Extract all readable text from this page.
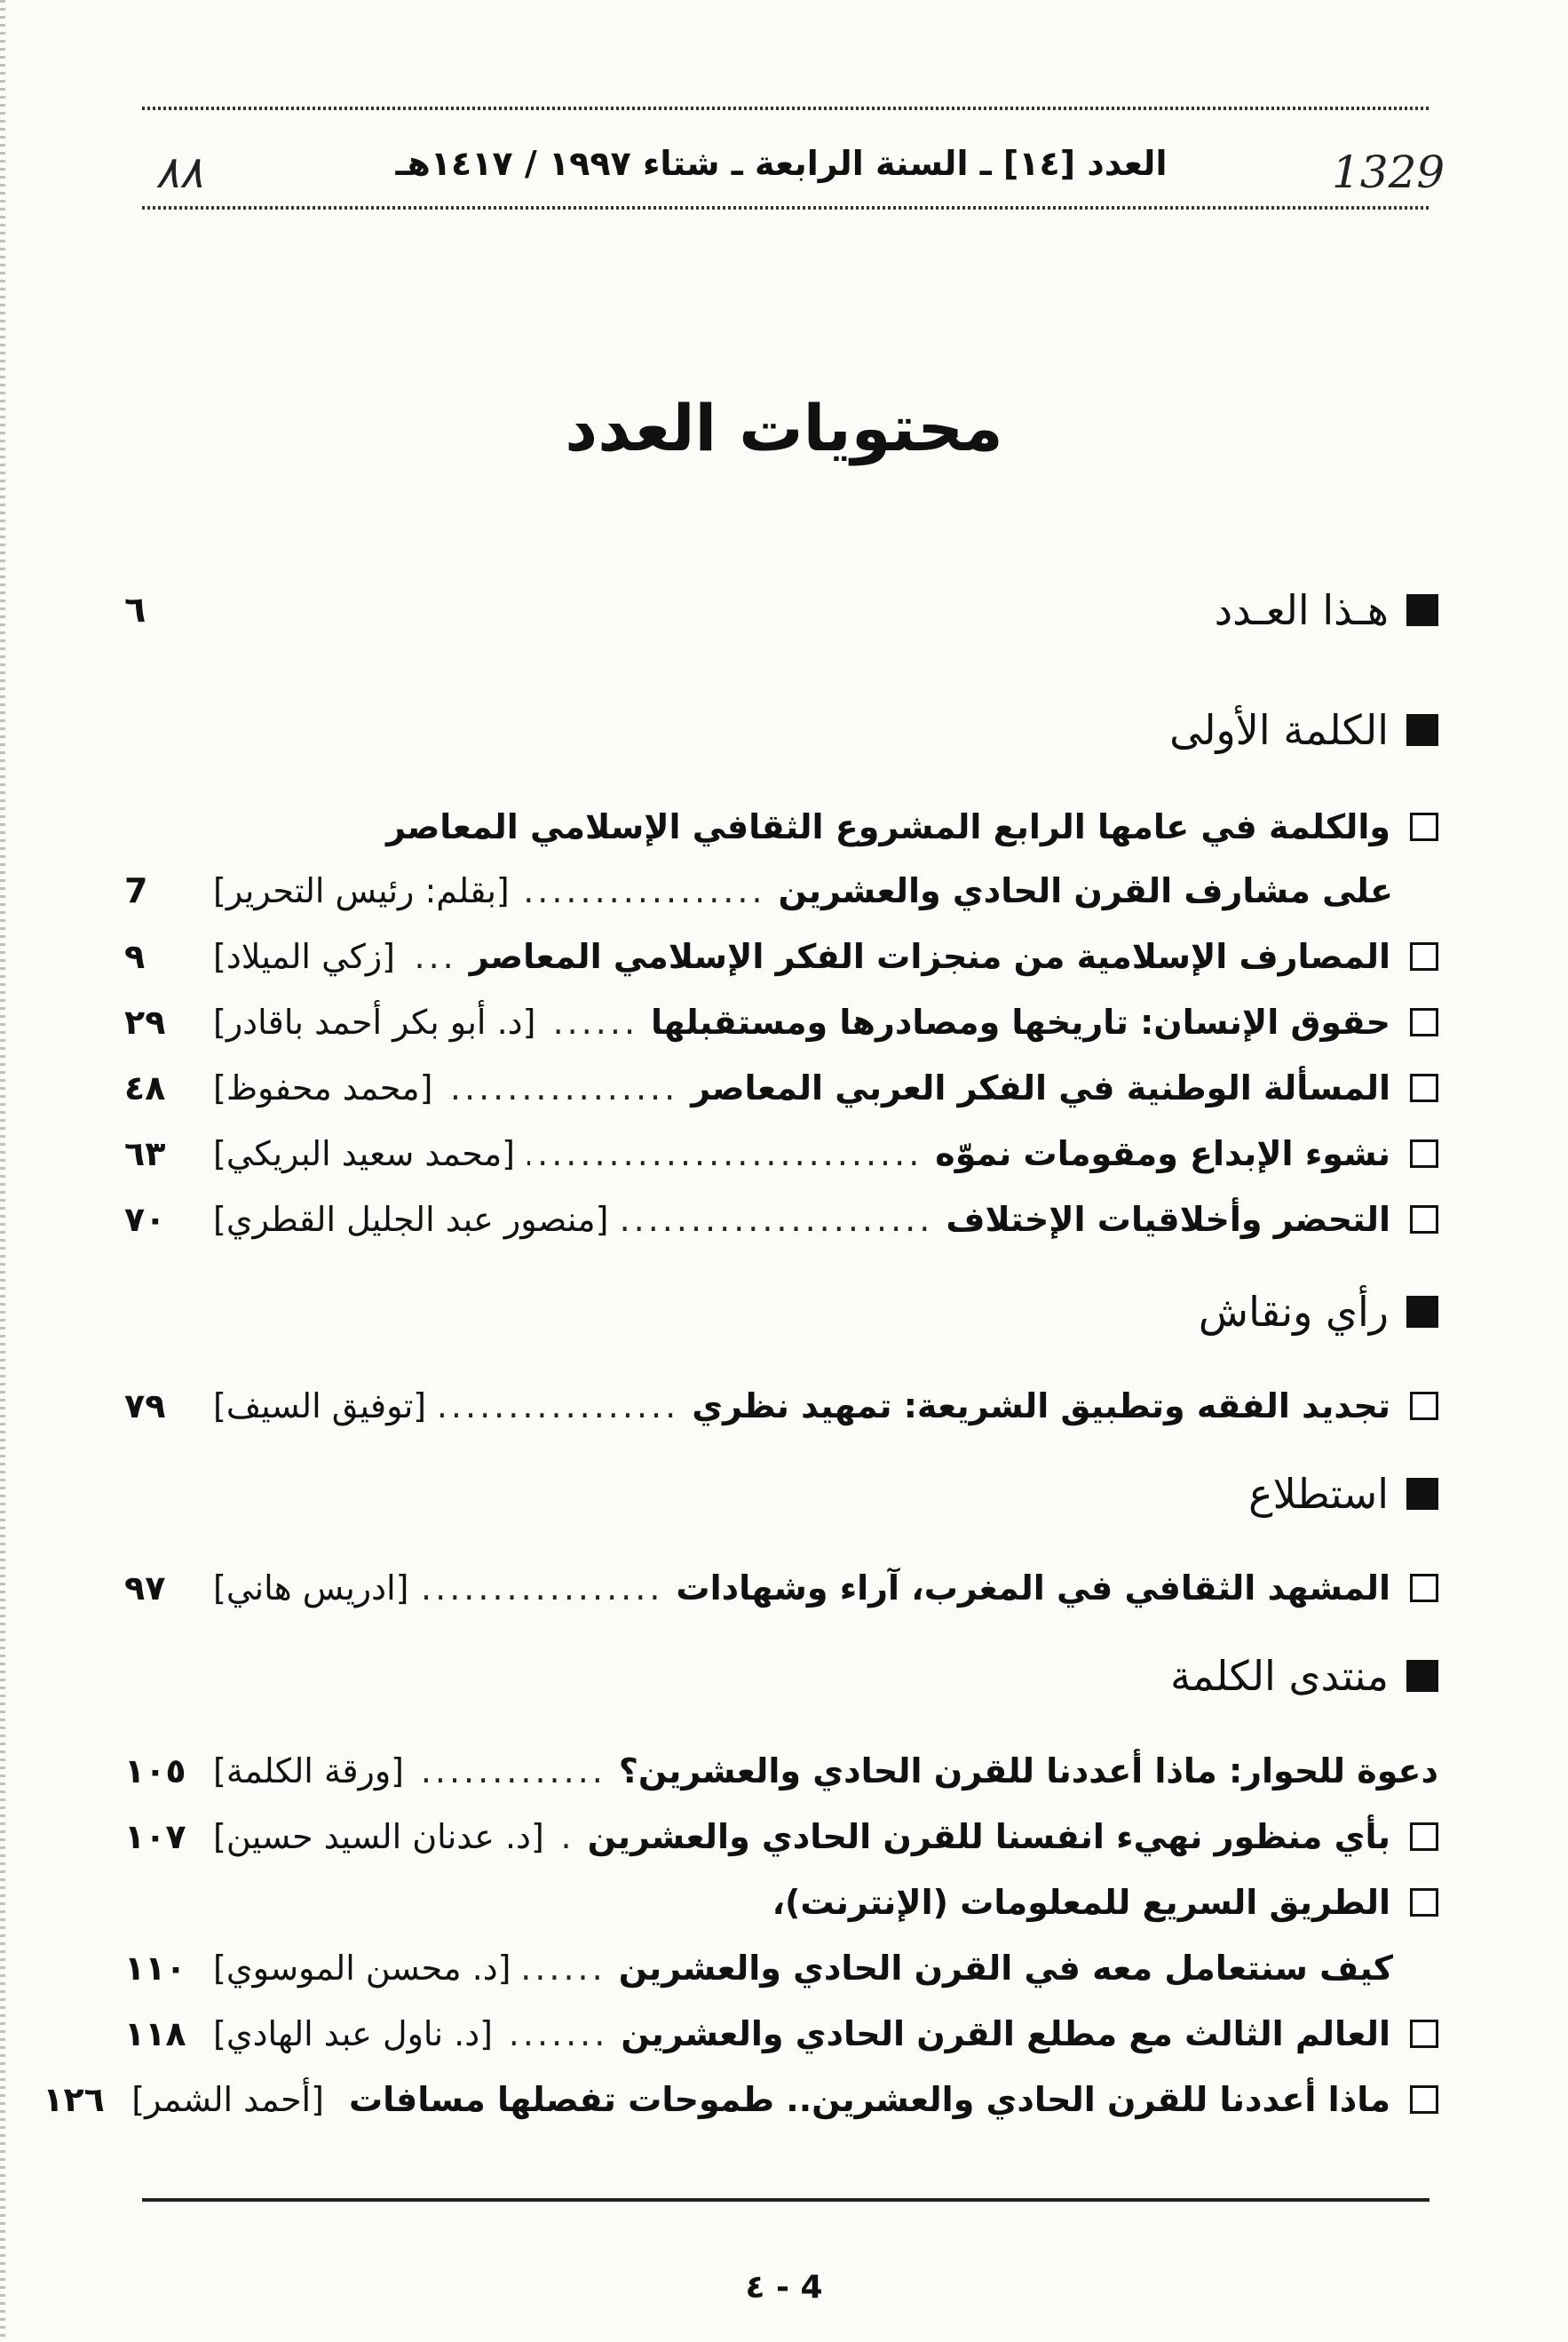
العدد [١٤] ـ السنة الرابعة ـ شتاء ١٩٩٧ / ١٤١٧هـ
٨٨	1329
محتويات العدد
هـذا العـدد
٦
الكلمة الأولى
والكلمة في عامها الرابع المشروع الثقافي الإسلامي المعاصر
على مشارف القرن الحادي والعشرين
.....
[بقلم: رئيس التحرير]
7
المصارف الإسلامية من منجزات الفكر الإسلامي المعاصر
.....
[زكي الميلاد]
٩
حقوق الإنسان: تاريخها ومصادرها ومستقبلها
.....
[د. أبو بكر أحمد باقادر]
٢٩
المسألة الوطنية في الفكر العربي المعاصر
.....
[محمد محفوظ]
٤٨
نشوء الإبداع ومقومات نموّه
.....
[محمد سعيد البريكي]
٦٣
التحضر وأخلاقيات الإختلاف
.....
[منصور عبد الجليل القطري]
٧٠
رأي ونقاش
تجديد الفقه وتطبيق الشريعة: تمهيد نظري
.....
[توفيق السيف]
٧٩
استطلاع
المشهد الثقافي في المغرب، آراء وشهادات
.....
[ادريس هاني]
٩٧
منتدى الكلمة
دعوة للحوار: ماذا أعددنا للقرن الحادي والعشرين؟
.....
[ورقة الكلمة]
١٠٥
بأي منظور نهيء انفسنا للقرن الحادي والعشرين
.....
[د. عدنان السيد حسين]
١٠٧
الطريق السريع للمعلومات (الإنترنت)،
كيف سنتعامل معه في القرن الحادي والعشرين
.....
[د. محسن الموسوي]
١١٠
العالم الثالث مع مطلع القرن الحادي والعشرين
.....
[د. ناول عبد الهادي]
١١٨
ماذا أعددنا للقرن الحادي والعشرين.. طموحات تفصلها مسافات
[أحمد الشمر]
١٢٦
٤ - 4
